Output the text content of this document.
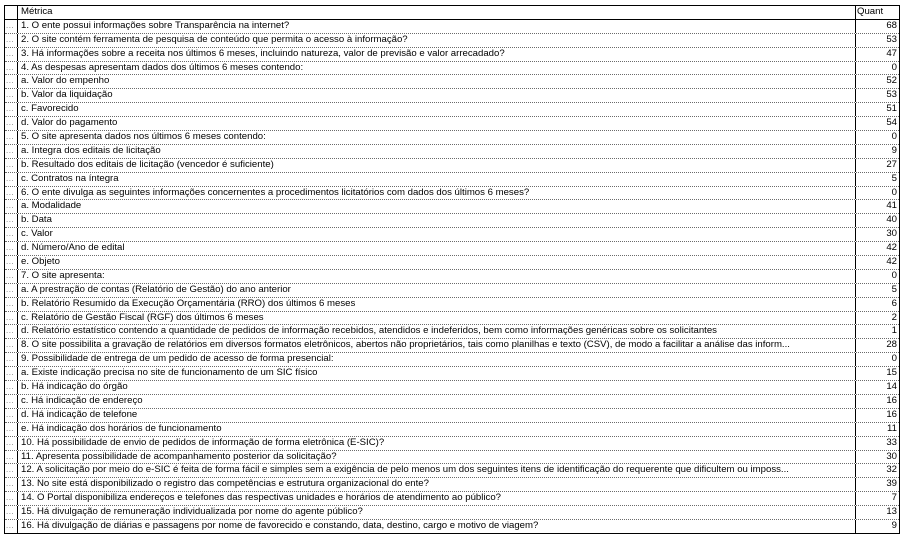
Métrica	Quant
... 1. O ente possui informações sobre Transparência na internet?	68
... 2. O site contém ferramenta de pesquisa de conteúdo que permita o acesso à informação?	53
... 3. Há informações sobre a receita nos últimos 6 meses, incluindo natureza, valor de previsão e valor arrecadado?	47
... 4. As despesas apresentam dados dos últimos 6 meses contendo:	0
... a. Valor do empenho	52
... b. Valor da liquidação	53
... c. Favorecido	51
... d. Valor do pagamento	54
... 5. O site apresenta dados nos últimos 6 meses contendo:	0
... a. Integra dos editais de licitação	9
... b. Resultado dos editais de licitação (vencedor é suficiente)	27
... c. Contratos na íntegra	5
... 6. O ente divulga as seguintes informações concernentes a procedimentos licitatórios com dados dos últimos 6 meses?	0
... a. Modalidade	41
... b. Data	40
... c. Valor	30
... d. Número/Ano de edital	42
... e. Objeto	42
... 7. O site apresenta:	0
... a. A prestração de contas (Relatório de Gestão) do ano anterior	5
... b. Relatório Resumido da Execução Orçamentária (RRO) dos últimos 6 meses	6
... c. Relatório de Gestão Fiscal (RGF) dos últimos 6 meses	2
... d. Relatório estatístico contendo a quantidade de pedidos de informação recebidos, atendidos e indeferidos, bem como informações genéricas sobre os solicitantes	1
... 8. O site possibilita a gravação de relatórios em diversos formatos eletrônicos, abertos não proprietários, tais como planilhas e texto (CSV), de modo a facilitar a análise das inform...	28
... 9. Possibilidade de entrega de um pedido de acesso de forma presencial:	0
... a. Existe indicação precisa no site de funcionamento de um SIC físico	15
... b. Há indicação do órgão	14
... c. Há indicação de endereço	16
... d. Há indicação de telefone	16
... e. Há indicação dos horários de funcionamento	11
... 10. Há possibilidade de envio de pedidos de informação de forma eletrônica (E-SIC)?	33
... 11. Apresenta possibilidade de acompanhamento posterior da solicitação?	30
... 12. A solicitação por meio do e-SIC é feita de forma fácil e simples sem a exigência de pelo menos um dos seguintes itens de identificação do requerente que dificultem ou imposs...	32
... 13. No site está disponibilizado o registro das competências e estrutura organizacional do ente?	39
... 14. O Portal disponibiliza endereços e telefones das respectivas unidades e horários de atendimento ao público?	7
... 15. Há divulgação de remuneração individualizada por nome do agente público?	13
... 16. Há divulgação de diárias e passagens por nome de favorecido e constando, data, destino, cargo e motivo de viagem?	9
